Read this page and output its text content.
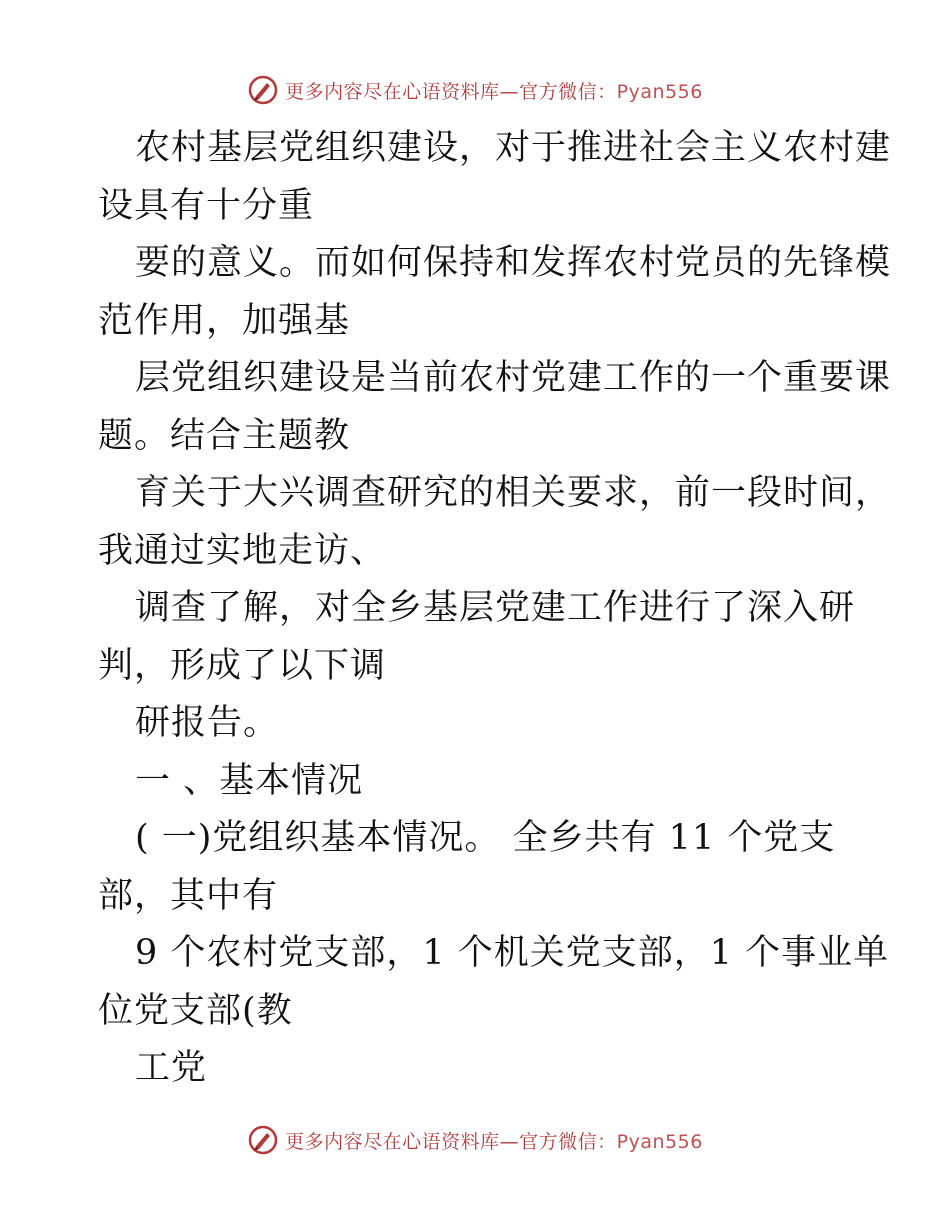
更多内容尽在心语资料库—官方微信：Pyan556
农村基层党组织建设，对于推进社会主义农村建
设具有十分重
要的意义。而如何保持和发挥农村党员的先锋模
范作用，加强基
层党组织建设是当前农村党建工作的一个重要课
题。结合主题教
育关于大兴调查研究的相关要求，前一段时间，
我通过实地走访、
调查了解，对全乡基层党建工作进行了深入研
判，形成了以下调
研报告。
一 、基本情况
( 一)党组织基本情况。 全乡共有 11 个党支
部，其中有
9 个农村党支部，1 个机关党支部，1 个事业单
位党支部(教
工党
更多内容尽在心语资料库—官方微信：Pyan556
